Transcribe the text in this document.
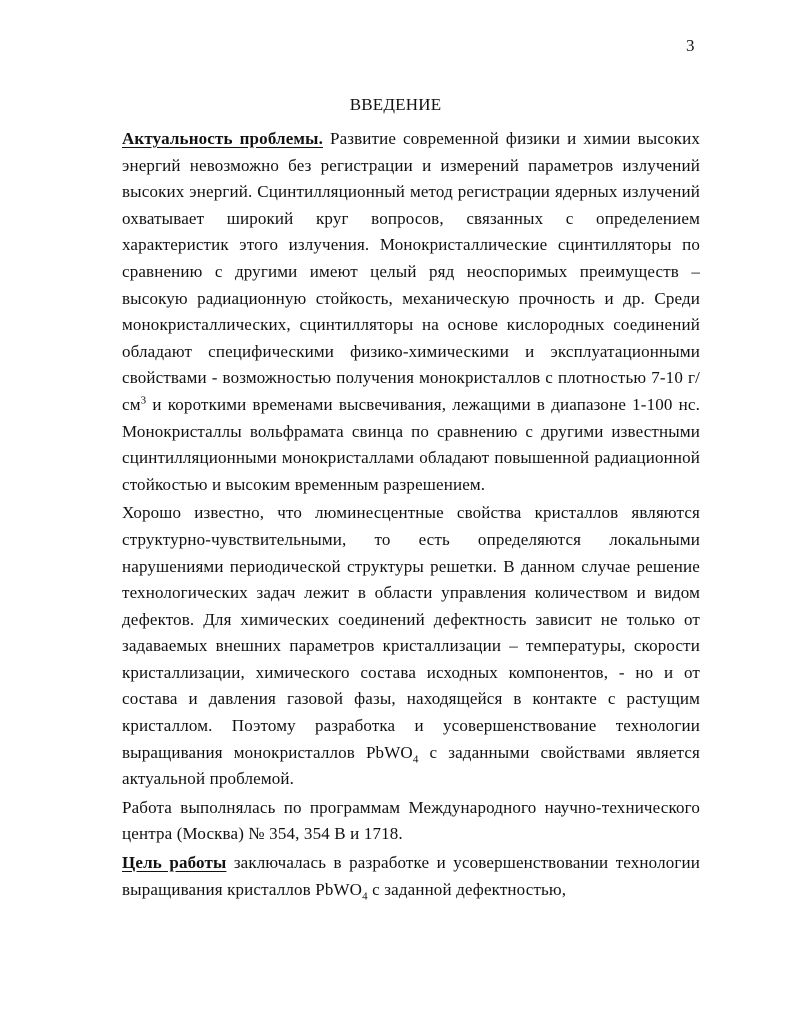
3
ВВЕДЕНИЕ

Актуальность проблемы. Развитие современной физики и химии высоких энергий невозможно без регистрации и измерений параметров излучений высоких энергий. Сцинтилляционный метод регистрации ядерных излучений охватывает широкий круг вопросов, связанных с определением характеристик этого излучения. Монокристаллические сцинтилляторы по сравнению с другими имеют целый ряд неоспоримых преимуществ – высокую радиационную стойкость, механическую прочность и др. Среди монокристаллических, сцинтилляторы на основе кислородных соединений обладают специфическими физико-химическими и эксплуатационными свойствами - возможностью получения монокристаллов с плотностью 7-10 $г/см^3$ и короткими временами высвечивания, лежащими в диапазоне 1-100 нс. Монокристаллы вольфрамата свинца по сравнению с другими известными сцинтилляционными монокристаллами обладают повышенной радиационной стойкостью и высоким временным разрешением.

Хорошо известно, что люминесцентные свойства кристаллов являются структурно-чувствительными, то есть определяются локальными нарушениями периодической структуры решетки. В данном случае решение технологических задач лежит в области управления количеством и видом дефектов. Для химических соединений дефектность зависит не только от задаваемых внешних параметров кристаллизации – температуры, скорости кристаллизации, химического состава исходных компонентов, - но и от состава и давления газовой фазы, находящейся в контакте с растущим кристаллом. Поэтому разработка и усовершенствование технологии выращивания монокристаллов PbWO$_4$ с заданными свойствами является актуальной проблемой.

Работа выполнялась по программам Международного научно-технического центра (Москва) № 354, 354 B и 1718.

Цель работы заключалась в разработке и усовершенствовании технологии выращивания кристаллов PbWO$_4$ с заданной дефектностью,
